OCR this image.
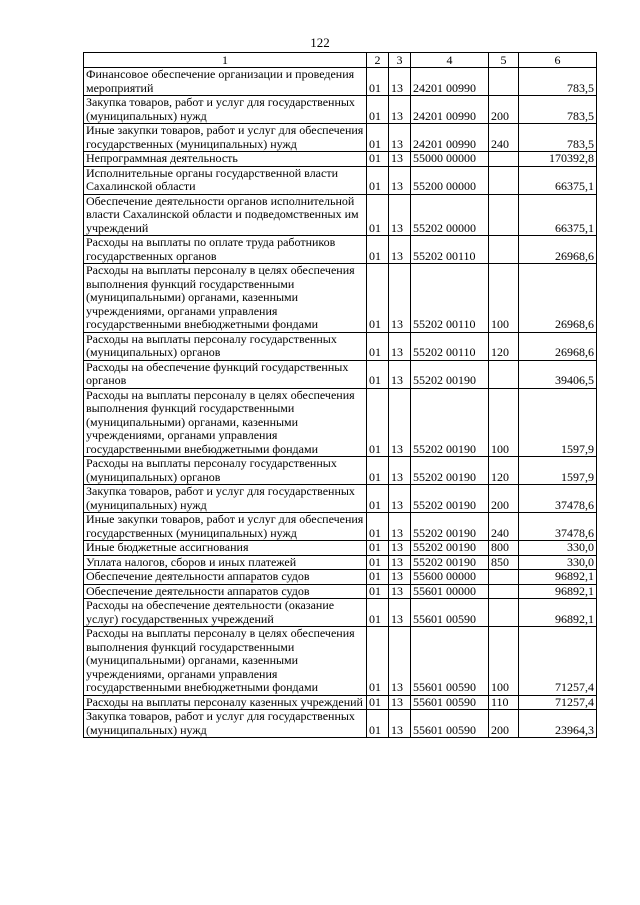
122
1	2	3	4	5	6
Финансовое обеспечение организации и проведения мероприятий	01	13	24201 00990		783,5
Закупка товаров, работ и услуг для государственных (муниципальных) нужд	01	13	24201 00990	200	783,5
Иные закупки товаров, работ и услуг для обеспечения государственных (муниципальных) нужд	01	13	24201 00990	240	783,5
Непрограммная деятельность	01	13	55000 00000		170392,8
Исполнительные органы государственной власти Сахалинской области	01	13	55200 00000		66375,1
Обеспечение деятельности органов исполнительной власти Сахалинской области и подведомственных им учреждений	01	13	55202 00000		66375,1
Расходы на выплаты по оплате труда работников государственных органов	01	13	55202 00110		26968,6
Расходы на выплаты персоналу в целях обеспечения выполнения функций государственными (муниципальными) органами, казенными учреждениями, органами управления государственными внебюджетными фондами	01	13	55202 00110	100	26968,6
Расходы на выплаты персоналу государственных (муниципальных) органов	01	13	55202 00110	120	26968,6
Расходы на обеспечение функций государственных органов	01	13	55202 00190		39406,5
Расходы на выплаты персоналу в целях обеспечения выполнения функций государственными (муниципальными) органами, казенными учреждениями, органами управления государственными внебюджетными фондами	01	13	55202 00190	100	1597,9
Расходы на выплаты персоналу государственных (муниципальных) органов	01	13	55202 00190	120	1597,9
Закупка товаров, работ и услуг для государственных (муниципальных) нужд	01	13	55202 00190	200	37478,6
Иные закупки товаров, работ и услуг для обеспечения государственных (муниципальных) нужд	01	13	55202 00190	240	37478,6
Иные бюджетные ассигнования	01	13	55202 00190	800	330,0
Уплата налогов, сборов и иных платежей	01	13	55202 00190	850	330,0
Обеспечение деятельности аппаратов судов	01	13	55600 00000		96892,1
Обеспечение деятельности аппаратов судов	01	13	55601 00000		96892,1
Расходы на обеспечение деятельности (оказание услуг) государственных учреждений	01	13	55601 00590		96892,1
Расходы на выплаты персоналу в целях обеспечения выполнения функций государственными (муниципальными) органами, казенными учреждениями, органами управления государственными внебюджетными фондами	01	13	55601 00590	100	71257,4
Расходы на выплаты персоналу казенных учреждений	01	13	55601 00590	110	71257,4
Закупка товаров, работ и услуг для государственных (муниципальных) нужд	01	13	55601 00590	200	23964,3
